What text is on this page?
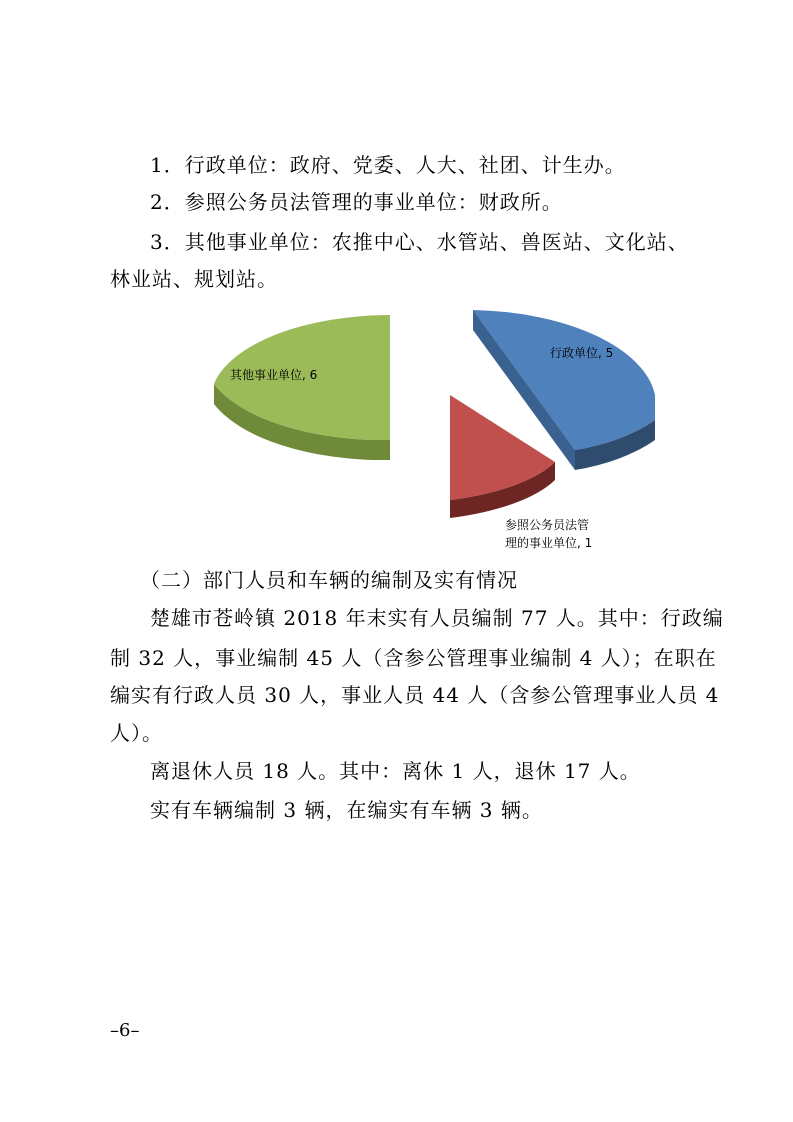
1．行政单位：政府、党委、人大、社团、计生办。
2．参照公务员法管理的事业单位：财政所。
3．其他事业单位：农推中心、水管站、兽医站、文化站、
林业站、规划站。
行政单位, 5
参照公务员法管
理的事业单位, 1
其他事业单位, 6
（二）部门人员和车辆的编制及实有情况
楚雄市苍岭镇 2018 年末实有人员编制 77 人。其中：行政编
制 32 人，事业编制 45 人（含参公管理事业编制 4 人）；在职在
编实有行政人员 30 人，事业人员 44 人（含参公管理事业人员 4
人）。
离退休人员 18 人。其中：离休 1 人，退休 17 人。
实有车辆编制 3 辆，在编实有车辆 3 辆。
–6–
